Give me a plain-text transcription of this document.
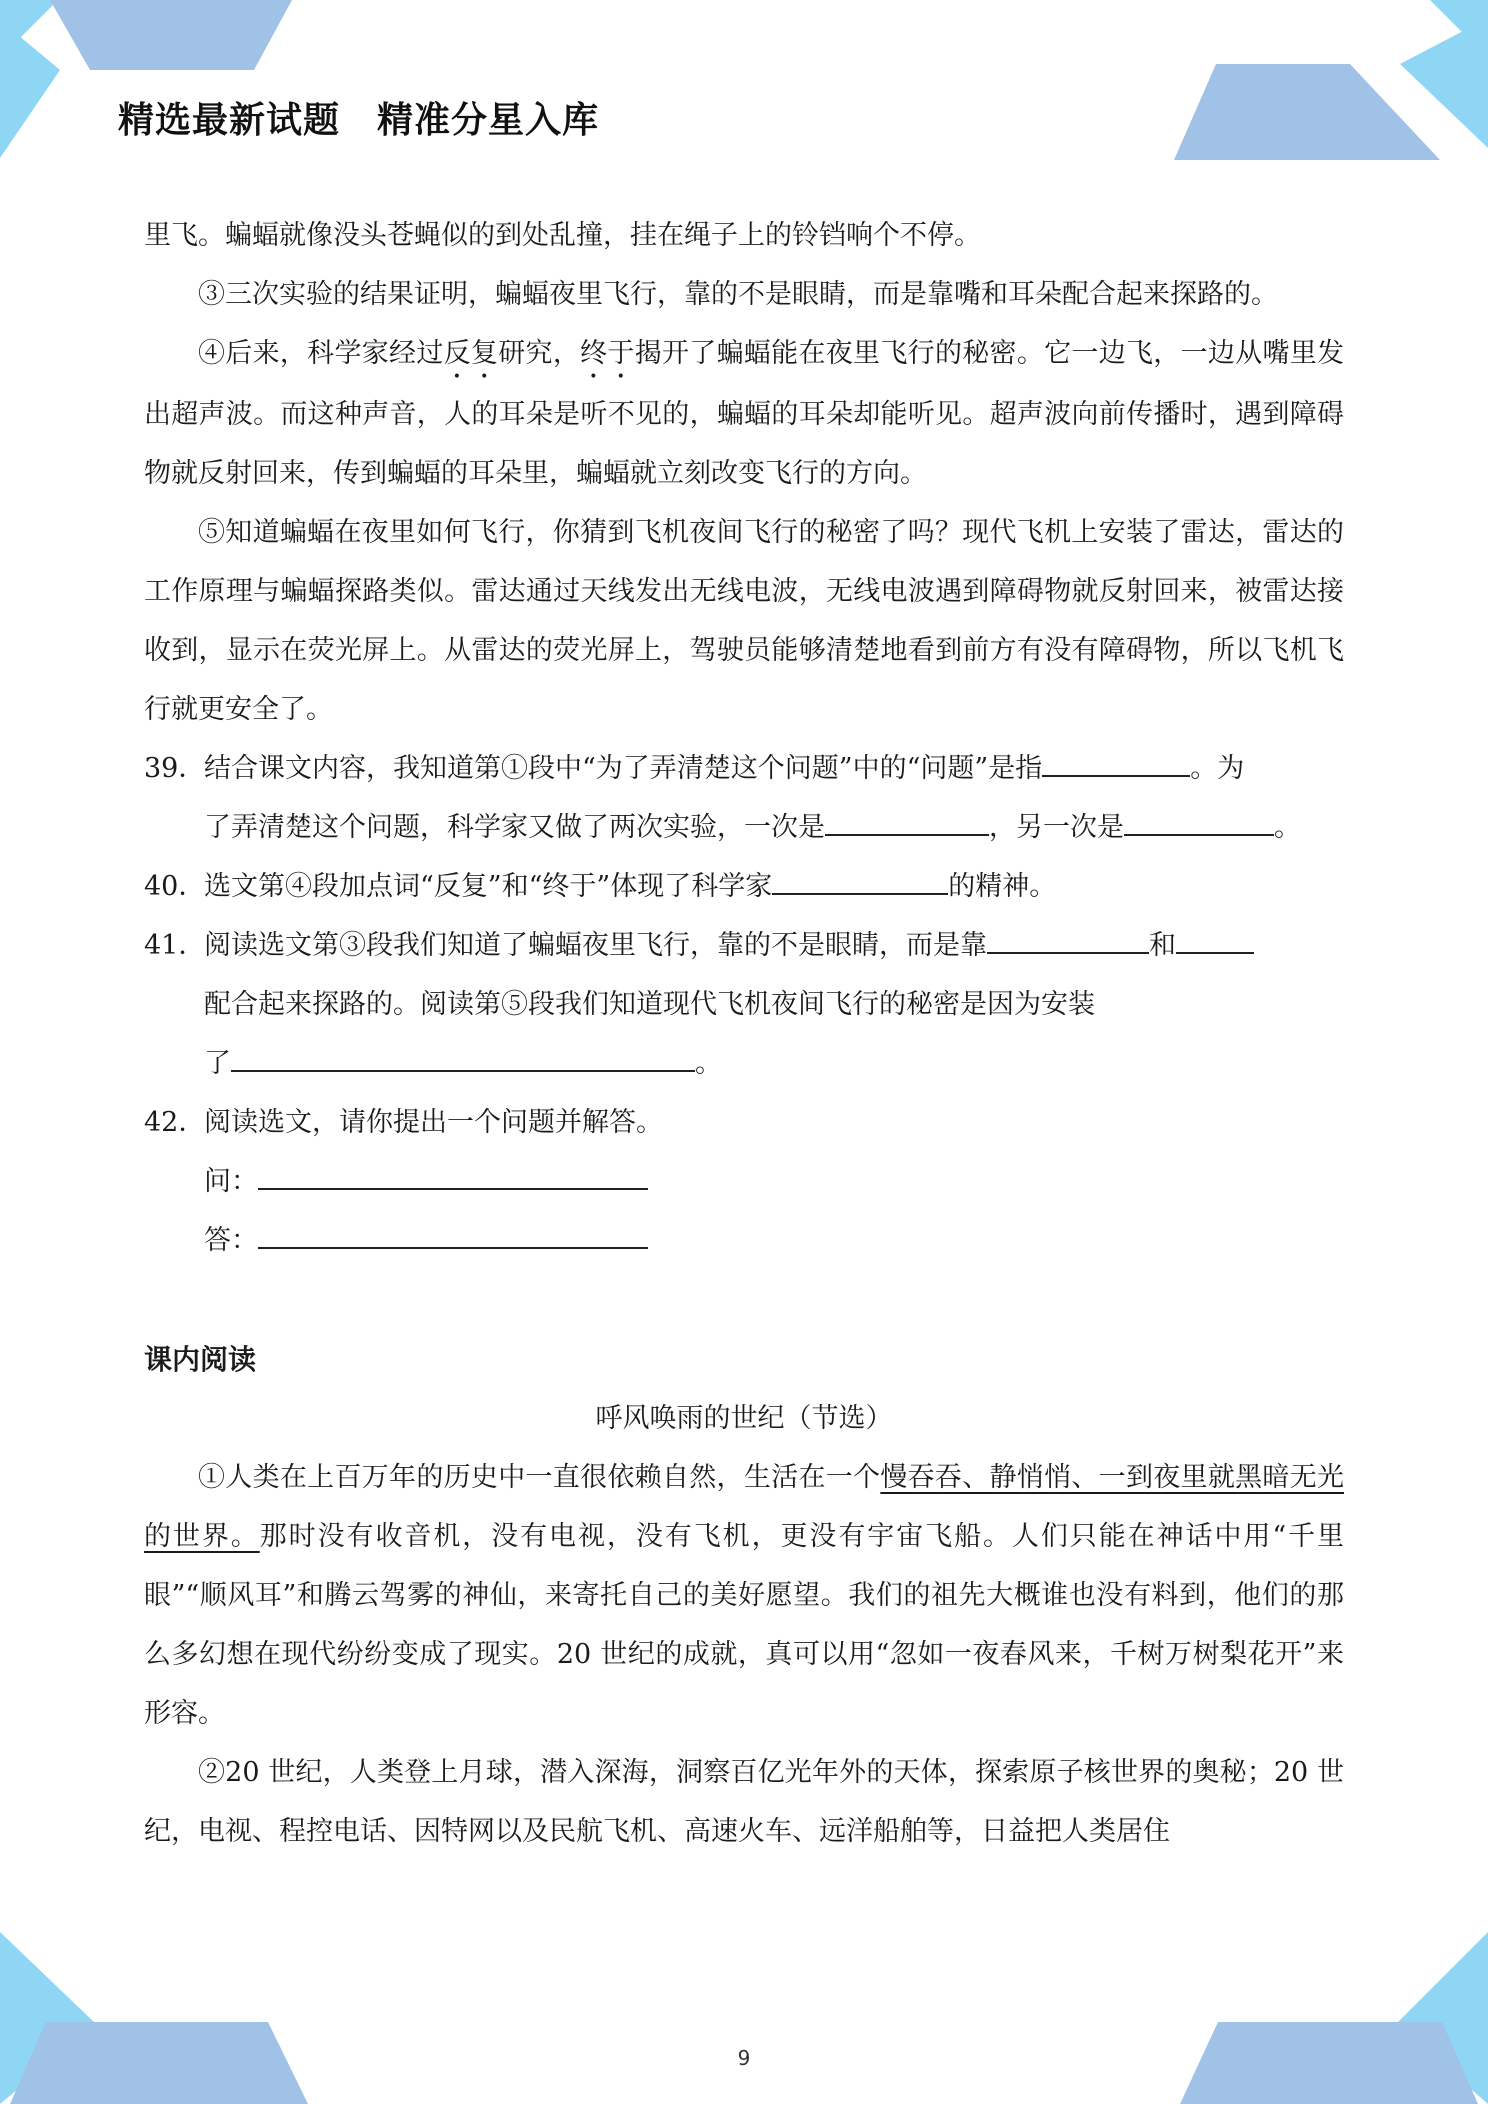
精选最新试题　精准分星入库

里飞。蝙蝠就像没头苍蝇似的到处乱撞，挂在绳子上的铃铛响个不停。

③三次实验的结果证明，蝙蝠夜里飞行，靠的不是眼睛，而是靠嘴和耳朵配合起来探路的。

④后来，科学家经过反复研究，终于揭开了蝙蝠能在夜里飞行的秘密。它一边飞，一边从嘴里发出超声波。而这种声音，人的耳朵是听不见的，蝙蝠的耳朵却能听见。超声波向前传播时，遇到障碍物就反射回来，传到蝙蝠的耳朵里，蝙蝠就立刻改变飞行的方向。

⑤知道蝙蝠在夜里如何飞行，你猜到飞机夜间飞行的秘密了吗？现代飞机上安装了雷达，雷达的工作原理与蝙蝠探路类似。雷达通过天线发出无线电波，无线电波遇到障碍物就反射回来，被雷达接收到，显示在荧光屏上。从雷达的荧光屏上，驾驶员能够清楚地看到前方有没有障碍物，所以飞机飞行就更安全了。

39．
结合课文内容，我知道第①段中“为了弄清楚这个问题”中的“问题”是指	。为
了弄清楚这个问题，科学家又做了两次实验，一次是	，另一次是	。
40．
选文第④段加点词“反复”和“终于”体现了科学家	的精神。
41．
阅读选文第③段我们知道了蝙蝠夜里飞行，靠的不是眼睛，而是靠	和
配合起来探路的。阅读第⑤段我们知道现代飞机夜间飞行的秘密是因为安装
了	。
42．
阅读选文，请你提出一个问题并解答。
问：
答：
课内阅读

呼风唤雨的世纪（节选）

①人类在上百万年的历史中一直很依赖自然，生活在一个慢吞吞、静悄悄、一到夜里就黑暗无光的世界。那时没有收音机，没有电视，没有飞机，更没有宇宙飞船。人们只能在神话中用“千里眼”“顺风耳”和腾云驾雾的神仙，来寄托自己的美好愿望。我们的祖先大概谁也没有料到，他们的那么多幻想在现代纷纷变成了现实。20 世纪的成就，真可以用“忽如一夜春风来，千树万树梨花开”来形容。

②20 世纪，人类登上月球，潜入深海，洞察百亿光年外的天体，探索原子核世界的奥秘；20 世纪，电视、程控电话、因特网以及民航飞机、高速火车、远洋船舶等，日益把人类居住

9
